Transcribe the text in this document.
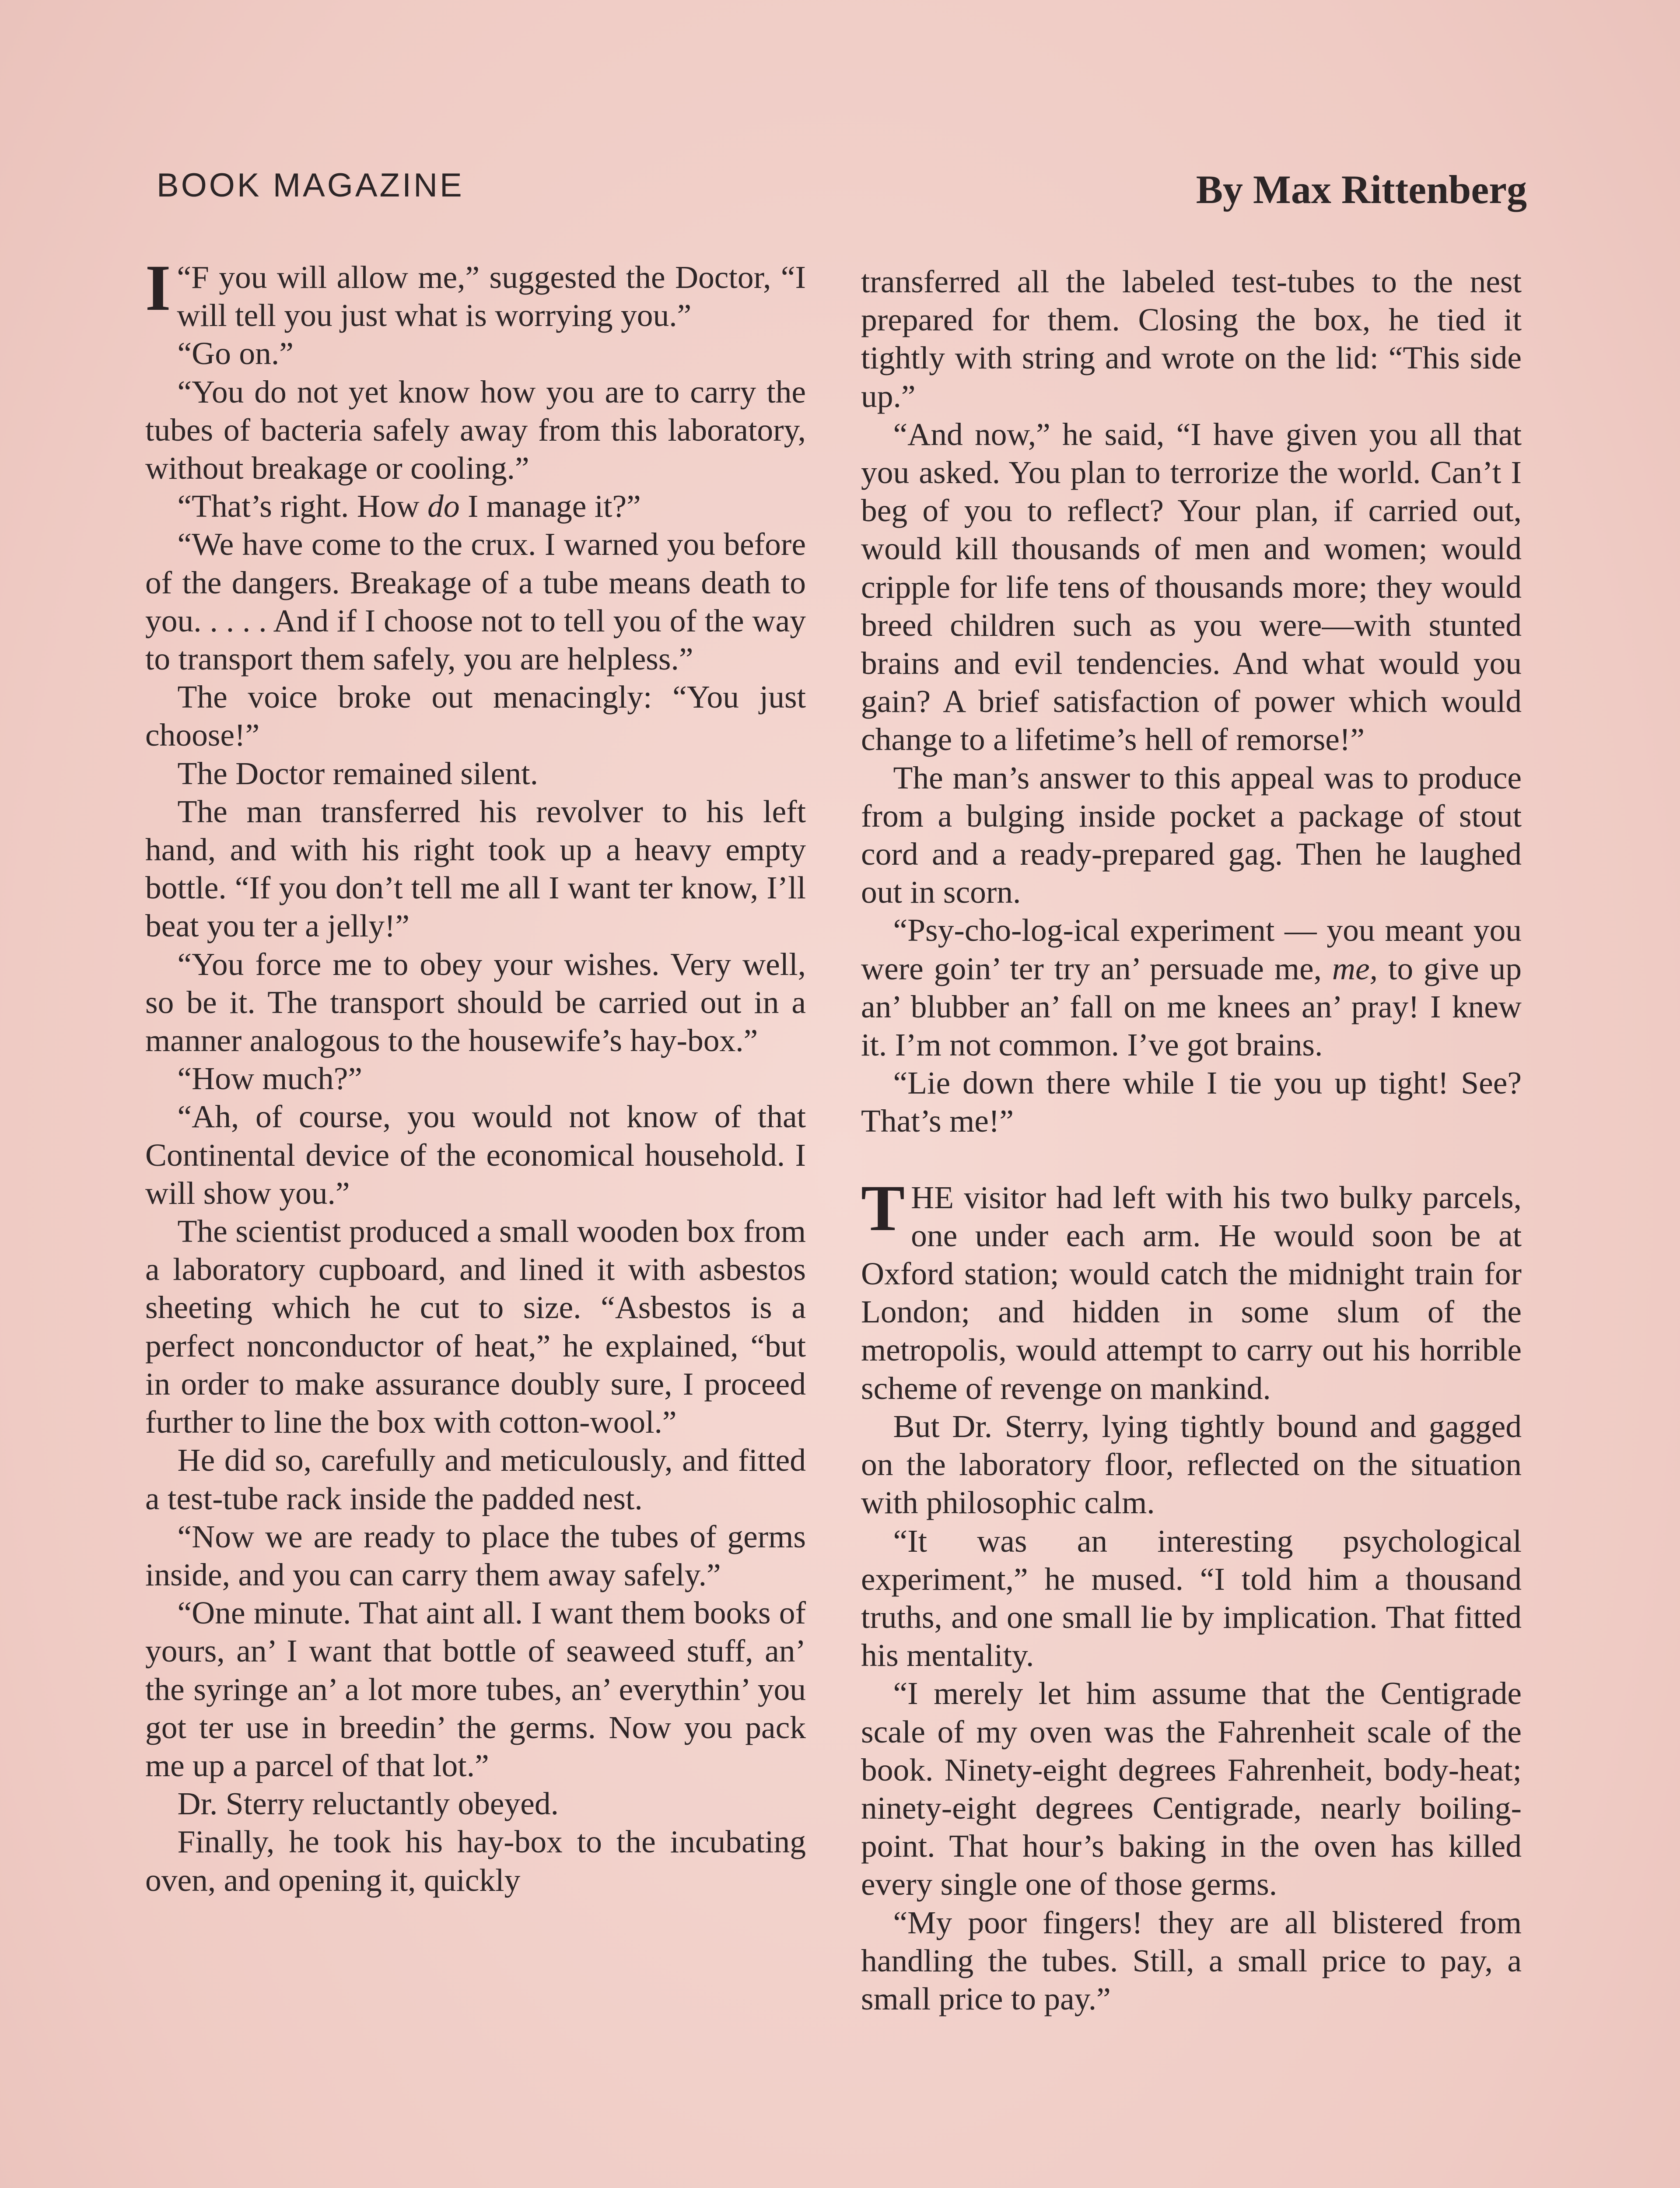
BOOK MAGAZINE	By Max Rittenberg

“
I F you will allow me,” suggested the Doctor, “I will tell you just what is worrying you.”

“Go on.”

“You do not yet know how you are to carry the tubes of bacteria safely away from this laboratory, without breakage or cooling.”

“That’s right. How do I manage it?”

“We have come to the crux. I warned you before of the dangers. Breakage of a tube means death to you. . . . . And if I choose not to tell you of the way to transport them safely, you are helpless.”

The voice broke out menacingly: “You just choose!”

The Doctor remained silent.

The man transferred his revolver to his left hand, and with his right took up a heavy empty bottle. “If you don’t tell me all I want ter know, I’ll beat you ter a jelly!”

“You force me to obey your wishes. Very well, so be it. The transport should be carried out in a manner analogous to the housewife’s hay-box.”

“How much?”

“Ah, of course, you would not know of that Continental device of the economical household. I will show you.”

The scientist produced a small wooden box from a laboratory cupboard, and lined it with asbestos sheeting which he cut to size. “Asbestos is a perfect nonconductor of heat,” he explained, “but in order to make assurance doubly sure, I proceed further to line the box with cotton-wool.”

He did so, carefully and meticulously, and fitted a test-tube rack inside the padded nest.

“Now we are ready to place the tubes of germs inside, and you can carry them away safely.”

“One minute. That aint all. I want them books of yours, an’ I want that bottle of seaweed stuff, an’ the syringe an’ a lot more tubes, an’ everythin’ you got ter use in breedin’ the germs. Now you pack me up a parcel of that lot.”

Dr. Sterry reluctantly obeyed.

Finally, he took his hay-box to the incubating oven, and opening it, quickly

transferred all the labeled test-tubes to the nest prepared for them. Closing the box, he tied it tightly with string and wrote on the lid: “This side up.”

“And now,” he said, “I have given you all that you asked. You plan to terrorize the world. Can’t I beg of you to reflect? Your plan, if carried out, would kill thousands of men and women; would cripple for life tens of thousands more; they would breed children such as you were—with stunted brains and evil tendencies. And what would you gain? A brief satisfaction of power which would change to a lifetime’s hell of remorse!”

The man’s answer to this appeal was to produce from a bulging inside pocket a package of stout cord and a ready-prepared gag. Then he laughed out in scorn.

“Psy-cho-log-ical experiment — you meant you were goin’ ter try an’ persuade me, me, to give up an’ blubber an’ fall on me knees an’ pray! I knew it. I’m not common. I’ve got brains.

“Lie down there while I tie you up tight! See? That’s me!”

THE visitor had left with his two bulky parcels, one under each arm. He would soon be at Oxford station; would catch the midnight train for London; and hidden in some slum of the metropolis, would attempt to carry out his horrible scheme of revenge on mankind.

But Dr. Sterry, lying tightly bound and gagged on the laboratory floor, reflected on the situation with philosophic calm.

“It was an interesting psychological experiment,” he mused. “I told him a thousand truths, and one small lie by implication. That fitted his mentality.

“I merely let him assume that the Centigrade scale of my oven was the Fahrenheit scale of the book. Ninety-eight degrees Fahrenheit, body-heat; ninety-eight degrees Centigrade, nearly boiling-point. That hour’s baking in the oven has killed every single one of those germs.

“My poor fingers! they are all blistered from handling the tubes. Still, a small price to pay, a small price to pay.”
